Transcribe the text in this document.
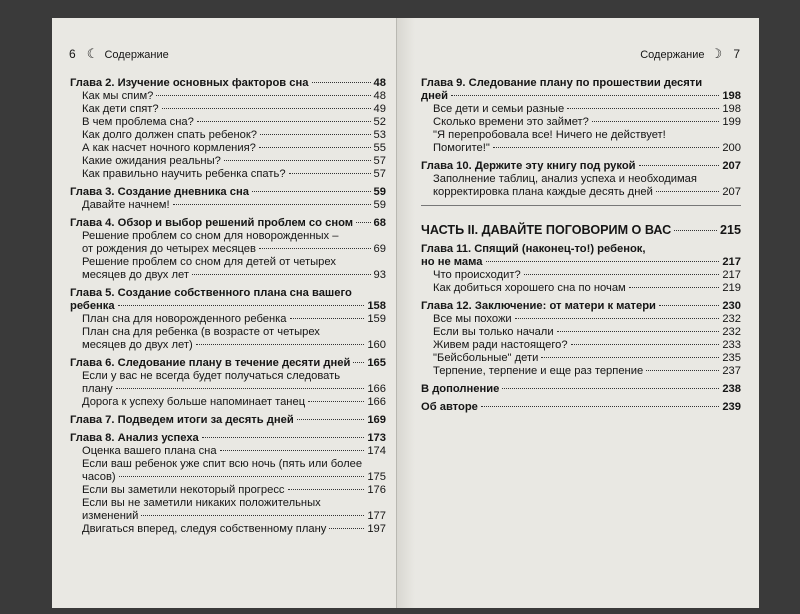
6 ☾ Содержание
Глава 2. Изучение основных факторов сна	48
Как мы спим?	48
Как дети спят?	49
В чем проблема сна?	52
Как долго должен спать ребенок?	53
А как насчет ночного кормления?	55
Какие ожидания реальны?	57
Как правильно научить ребенка спать?	57
Глава 3. Создание дневника сна	59
Давайте начнем!	59
Глава 4. Обзор и выбор решений проблем со сном 68
Решение проблем со сном для новорожденных –
от рождения до четырех месяцев	69
Решение проблем со сном для детей от четырех
месяцев до двух лет	93
Глава 5. Создание собственного плана сна вашего
ребенка	158
План сна для новорожденного ребенка	159
План сна для ребенка (в возрасте от четырех
месяцев до двух лет)	160
Глава 6. Следование плану в течение десяти дней 165
Если у вас не всегда будет получаться следовать
плану	166
Дорога к успеху больше напоминает танец	166
Глава 7. Подведем итоги за десять дней	169
Глава 8. Анализ успеха	173
Оценка вашего плана сна	174
Если ваш ребенок уже спит всю ночь (пять или более
часов)	175
Если вы заметили некоторый прогресс	176
Если вы не заметили никаких положительных
изменений	177
Двигаться вперед, следуя собственному плану	197
Содержание ☽ 7
Глава 9. Следование плану по прошествии десяти
дней	198
Все дети и семьи разные	198
Сколько времени это займет?	199
"Я перепробовала все! Ничего не действует!
Помогите!"	200
Глава 10. Держите эту книгу под рукой	207
Заполнение таблиц, анализ успеха и необходимая
корректировка плана каждые десять дней	207
ЧАСТЬ II. ДАВАЙТЕ ПОГОВОРИМ О ВАС	215
Глава 11. Спящий (наконец-то!) ребенок,
но не мама	217
Что происходит?	217
Как добиться хорошего сна по ночам	219
Глава 12. Заключение: от матери к матери	230
Все мы похожи	232
Если вы только начали	232
Живем ради настоящего?	233
"Бейсбольные" дети	235
Терпение, терпение и еще раз терпение	237
В дополнение	238
Об авторе	239
